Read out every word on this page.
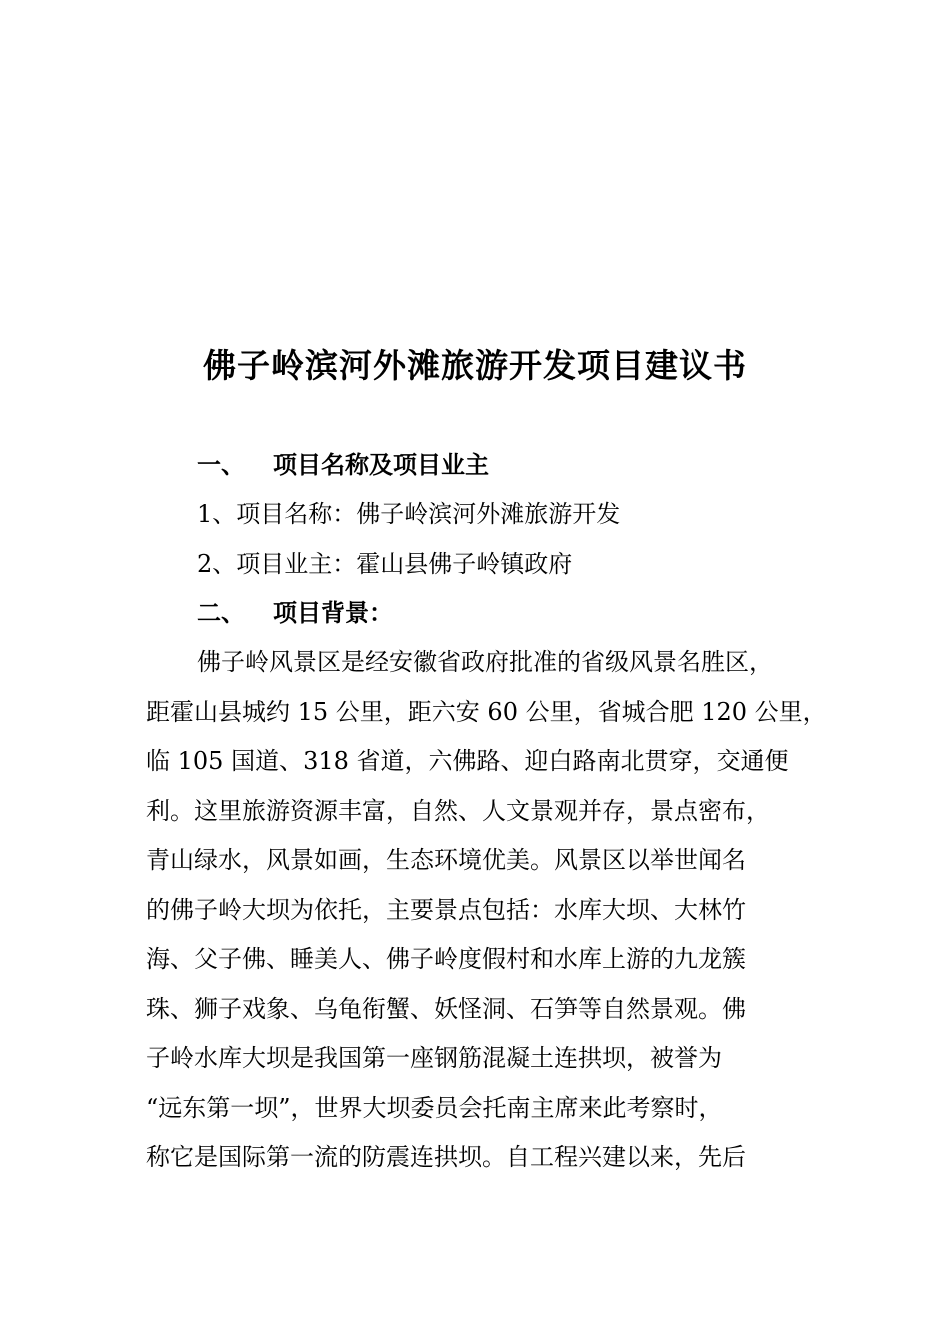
佛子岭滨河外滩旅游开发项目建议书
一、 项目名称及项目业主
1、项目名称：佛子岭滨河外滩旅游开发
2、项目业主：霍山县佛子岭镇政府
二、 项目背景：
佛子岭风景区是经安徽省政府批准的省级风景名胜区，
距霍山县城约 15 公里，距六安 60 公里，省城合肥 120 公里，
临 105 国道、318 省道，六佛路、迎白路南北贯穿，交通便
利。这里旅游资源丰富，自然、人文景观并存，景点密布，
青山绿水，风景如画，生态环境优美。风景区以举世闻名
的佛子岭大坝为依托，主要景点包括：水库大坝、大林竹
海、父子佛、睡美人、佛子岭度假村和水库上游的九龙簇
珠、狮子戏象、乌龟衔蟹、妖怪洞、石笋等自然景观。佛
子岭水库大坝是我国第一座钢筋混凝土连拱坝，被誉为
“远东第一坝”，世界大坝委员会托南主席来此考察时，
称它是国际第一流的防震连拱坝。自工程兴建以来，先后
